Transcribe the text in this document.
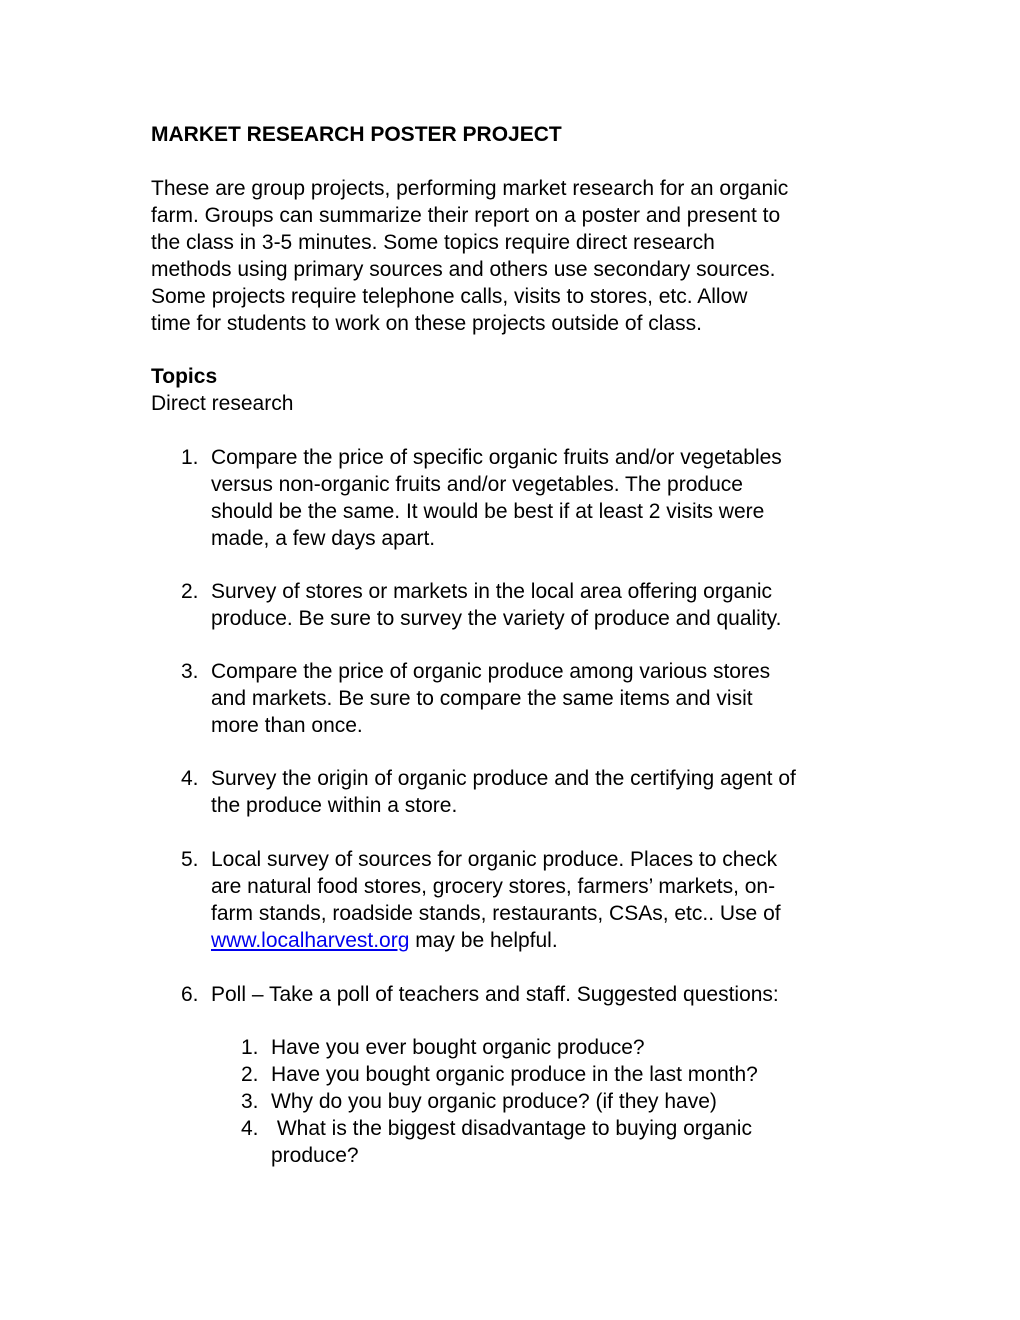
MARKET RESEARCH POSTER PROJECT
These are group projects, performing market research for an organic
farm. Groups can summarize their report on a poster and present to
the class in 3-5 minutes. Some topics require direct research
methods using primary sources and others use secondary sources.
Some projects require telephone calls, visits to stores, etc. Allow
time for students to work on these projects outside of class.
Topics
Direct research
1. Compare the price of specific organic fruits and/or vegetables
versus non-organic fruits and/or vegetables. The produce
should be the same. It would be best if at least 2 visits were
made, a few days apart.
2. Survey of stores or markets in the local area offering organic
produce. Be sure to survey the variety of produce and quality.
3. Compare the price of organic produce among various stores
and markets. Be sure to compare the same items and visit
more than once.
4. Survey the origin of organic produce and the certifying agent of
the produce within a store.
5. Local survey of sources for organic produce. Places to check
are natural food stores, grocery stores, farmers’ markets, on-
farm stands, roadside stands, restaurants, CSAs, etc.. Use of
www.localharvest.org may be helpful.
6. Poll – Take a poll of teachers and staff. Suggested questions:
1. Have you ever bought organic produce?
2. Have you bought organic produce in the last month?
3. Why do you buy organic produce? (if they have)
4. What is the biggest disadvantage to buying organic
produce?
